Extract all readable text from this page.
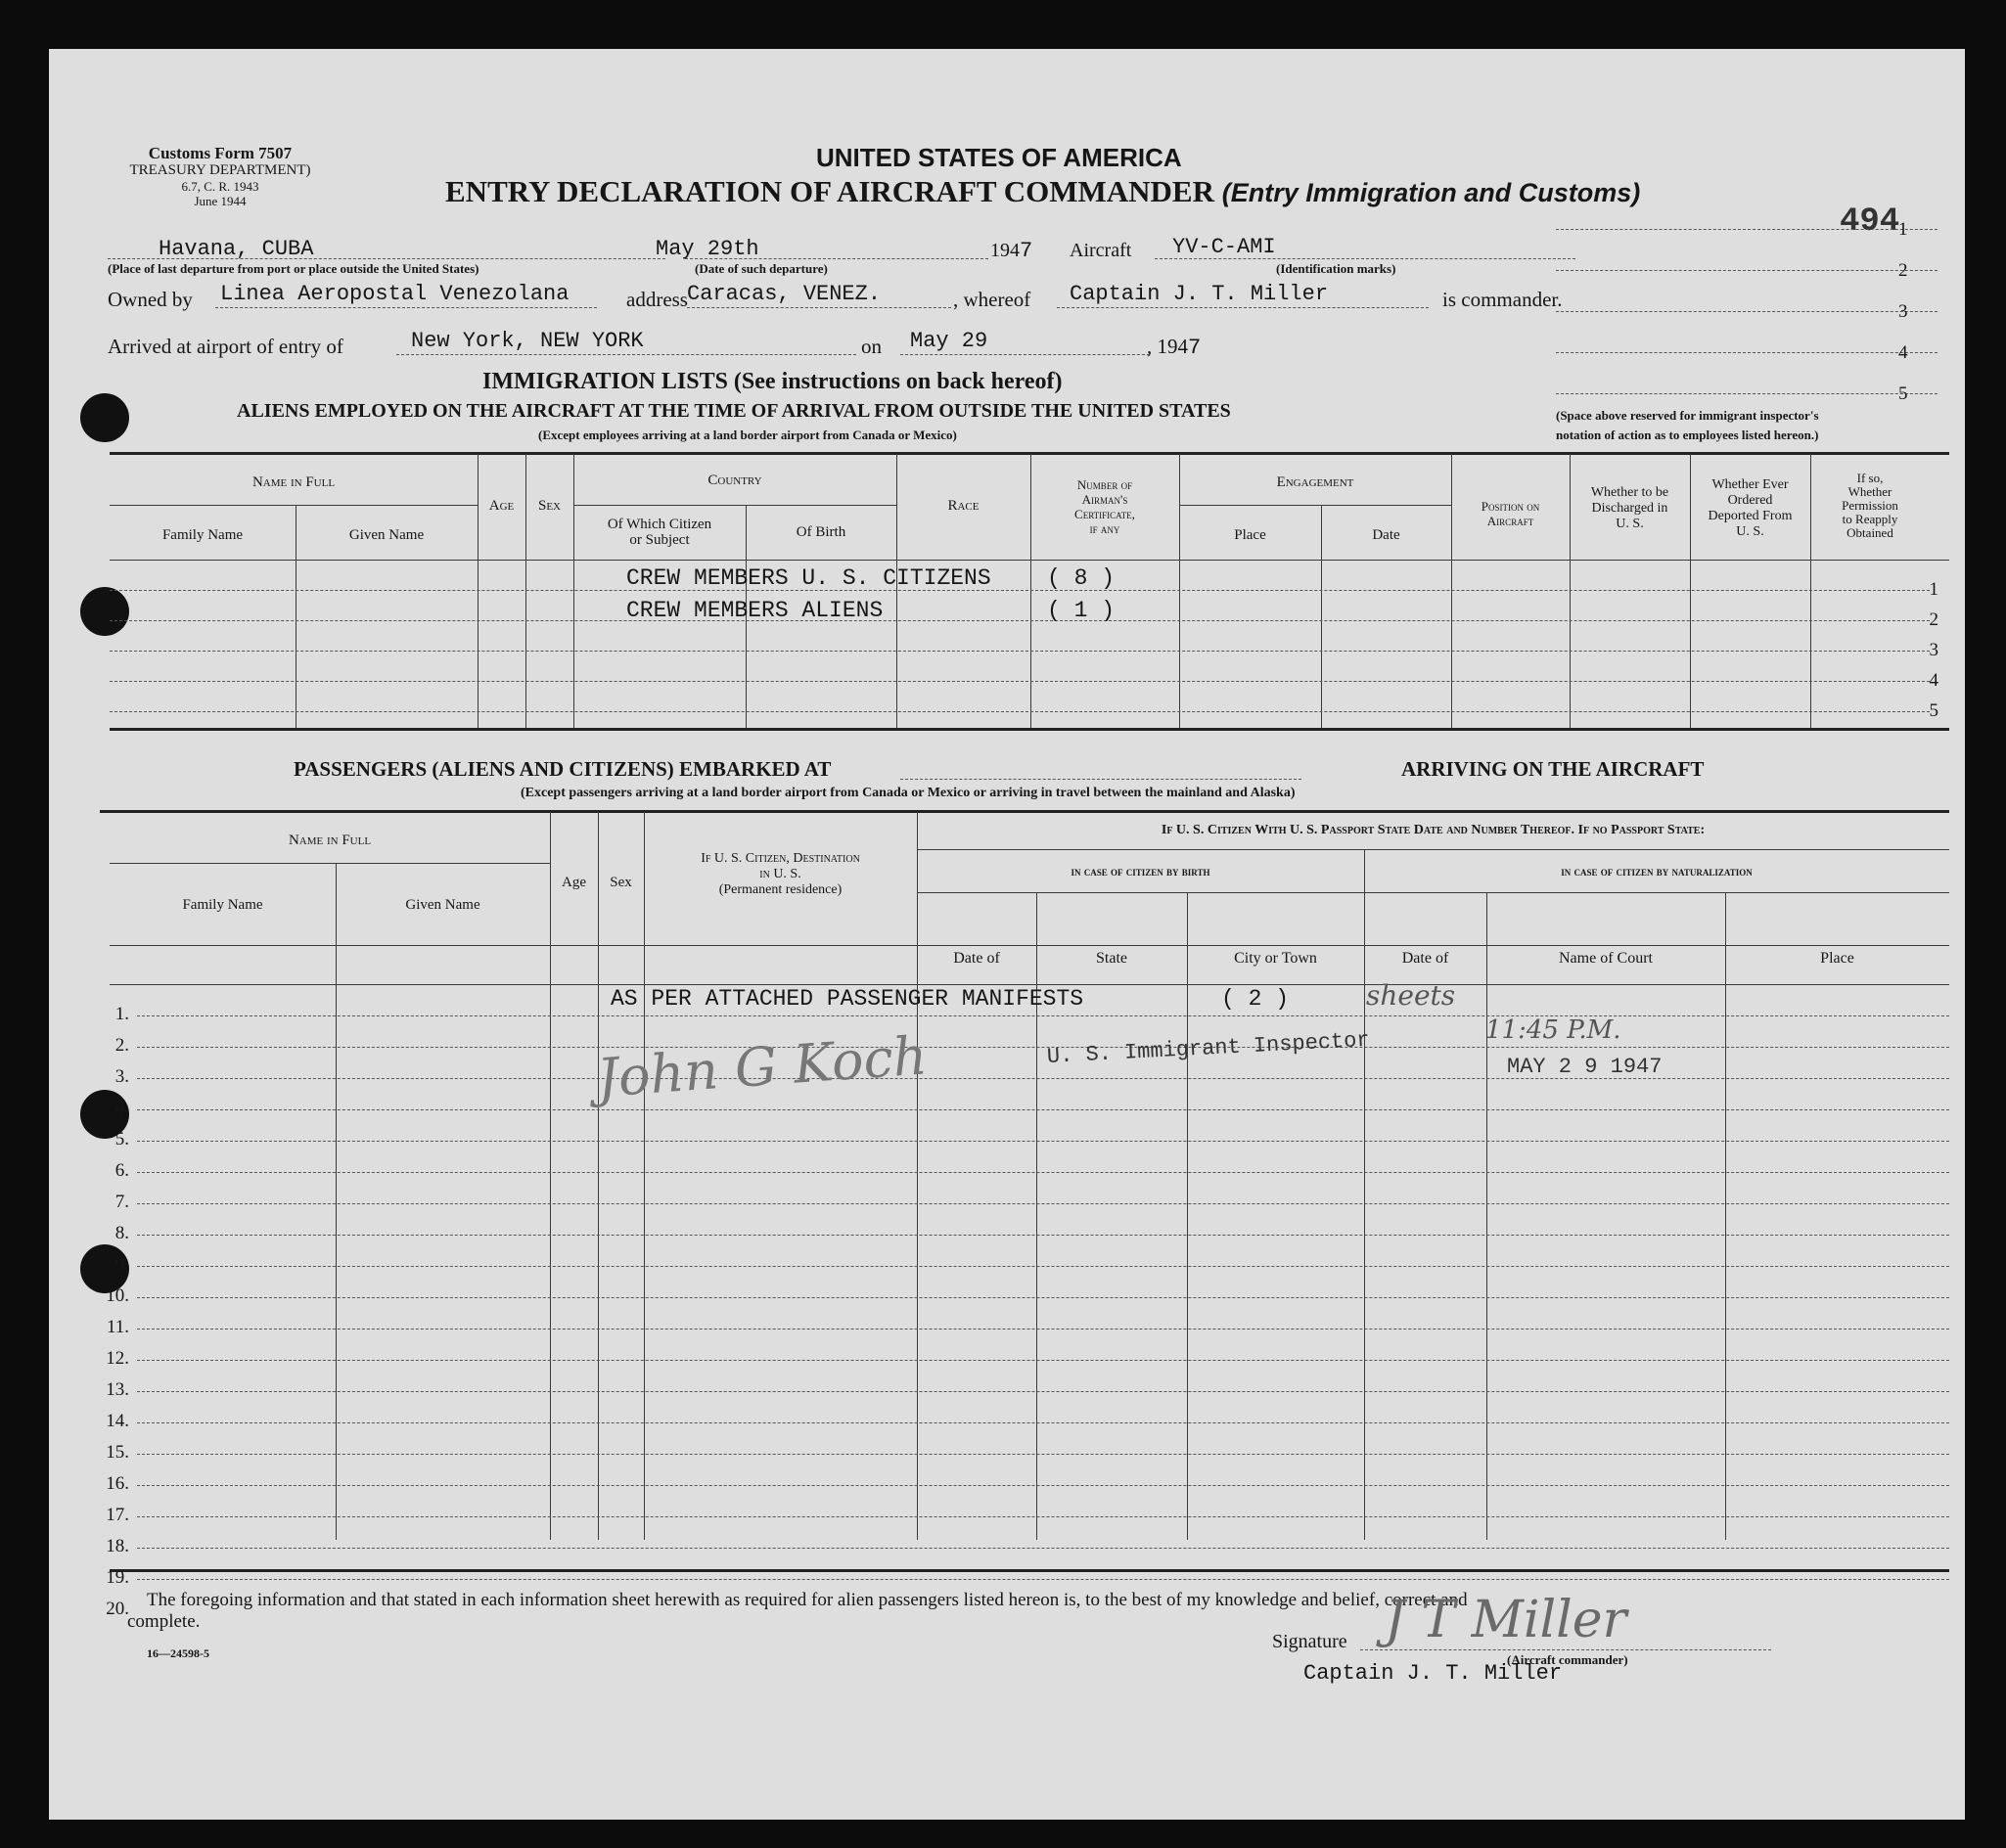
Customs Form 7507
TREASURY DEPARTMENT)
6.7, C. R. 1943
June 1944
UNITED STATES OF AMERICA
ENTRY DECLARATION OF AIRCRAFT COMMANDER (Entry Immigration and Customs)
494
1
2
3
4
5
(Space above reserved for immigrant inspector's
notation of action as to employees listed hereon.)
Havana, CUBA
(Place of last departure from port or place outside the United States)
May 29th
(Date of such departure)
1947 Aircraft YV-C-AMI
(Identification marks)
Owned by Linea Aeropostal Venezolana	address Caracas, VENEZ.	, whereof Captain J. T. Miller	is commander.
Arrived at airport of entry of	New York, NEW YORK	on May 29	, 1947
IMMIGRATION LISTS (See instructions on back hereof)
ALIENS EMPLOYED ON THE AIRCRAFT AT THE TIME OF ARRIVAL FROM OUTSIDE THE UNITED STATES
(Except employees arriving at a land border airport from Canada or Mexico)
Name in Full
Family Name	Given Name
Age	Sex
Country
Of Which Citizen
or Subject	Of Birth
Race
Number of
Airman's
Certificate,
if any
Engagement
Place	Date
Position on
Aircraft
Whether to be
Discharged in
U. S.
Whether Ever
Ordered
Deported From
U. S.
If so,
Whether
Permission
to Reapply
Obtained
CREW MEMBERS U. S. CITIZENS ( 8 )
CREW MEMBERS ALIENS	( 1 )
1
2
3
4
5
PASSENGERS (ALIENS AND CITIZENS) EMBARKED AT	ARRIVING ON THE AIRCRAFT
(Except passengers arriving at a land border airport from Canada or Mexico or arriving in travel between the mainland and Alaska)
Name in Full
Family Name	Given Name
Age	Sex
If U. S. Citizen, Destination
in U. S.
(Permanent residence)
If U. S. Citizen With U. S. Passport State Date and Number Thereof. If no Passport State:
in case of citizen by birth	in case of citizen by naturalization
Date of	State	City or Town	Date of	Name of Court	Place
1.
2.
3.
4.
5.
6.
7.
8.
9.
10.
11.
12.
13.
14.
15.
16.
17.
18.
19.
20.
AS PER ATTACHED PASSENGER MANIFESTS	( 2 )	sheets
John G Koch	U. S. Immigrant Inspector	11:45 P.M.
MAY 2 9 1947
The foregoing information and that stated in each information sheet herewith as required for alien passengers listed hereon is, to the best of my knowledge and belief, correct and
complete.
16—24598-5
Signature J T Miller
(Aircraft commander)
Captain J. T. Miller
